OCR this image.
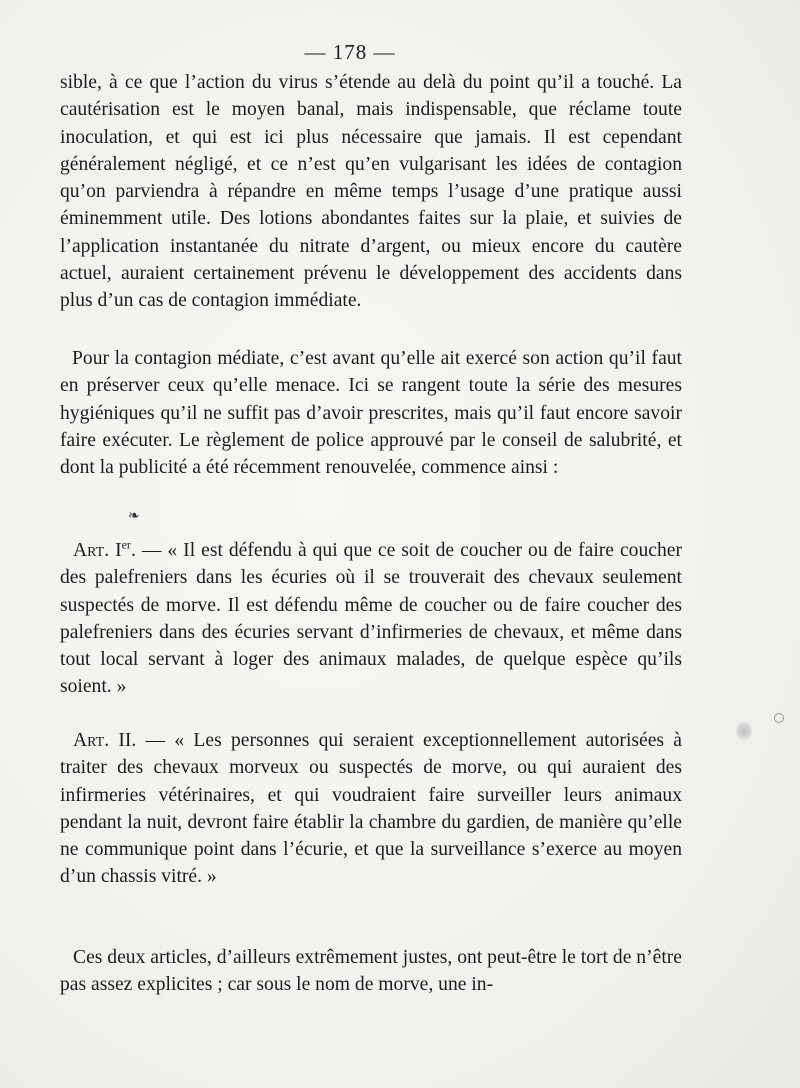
— 178 —
sible, à ce que l’action du virus s’étende au delà du point qu’il a touché. La cautérisation est le moyen banal, mais indispensable, que réclame toute inoculation, et qui est ici plus nécessaire que jamais. Il est cependant généralement négligé, et ce n’est qu’en vulgarisant les idées de contagion qu’on parviendra à répandre en même temps l’usage d’une pratique aussi éminemment utile. Des lotions abondantes faites sur la plaie, et suivies de l’application instantanée du nitrate d’argent, ou mieux encore du cautère actuel, auraient certainement prévenu le développement des accidents dans plus d’un cas de contagion immédiate.
Pour la contagion médiate, c’est avant qu’elle ait exercé son action qu’il faut en préserver ceux qu’elle menace. Ici se rangent toute la série des mesures hygiéniques qu’il ne suffit pas d’avoir prescrites, mais qu’il faut encore savoir faire exécuter. Le règlement de police approuvé par le conseil de salubrité, et dont la publicité a été récemment renouvelée, commence ainsi :
❧
Art. Ier. — « Il est défendu à qui que ce soit de coucher ou de faire coucher des palefreniers dans les écuries où il se trouverait des chevaux seulement suspectés de morve. Il est défendu même de coucher ou de faire coucher des palefreniers dans des écuries servant d’infirmeries de chevaux, et même dans tout local servant à loger des animaux malades, de quelque espèce qu’ils soient. »
Art. II. — « Les personnes qui seraient exceptionnellement autorisées à traiter des chevaux morveux ou suspectés de morve, ou qui auraient des infirmeries vétérinaires, et qui voudraient faire surveiller leurs animaux pendant la nuit, devront faire établir la chambre du gardien, de manière qu’elle ne communique point dans l’écurie, et que la surveillance s’exerce au moyen d’un chassis vitré. »
Ces deux articles, d’ailleurs extrêmement justes, ont peut-être le tort de n’être pas assez explicites ; car sous le nom de morve, une in-
